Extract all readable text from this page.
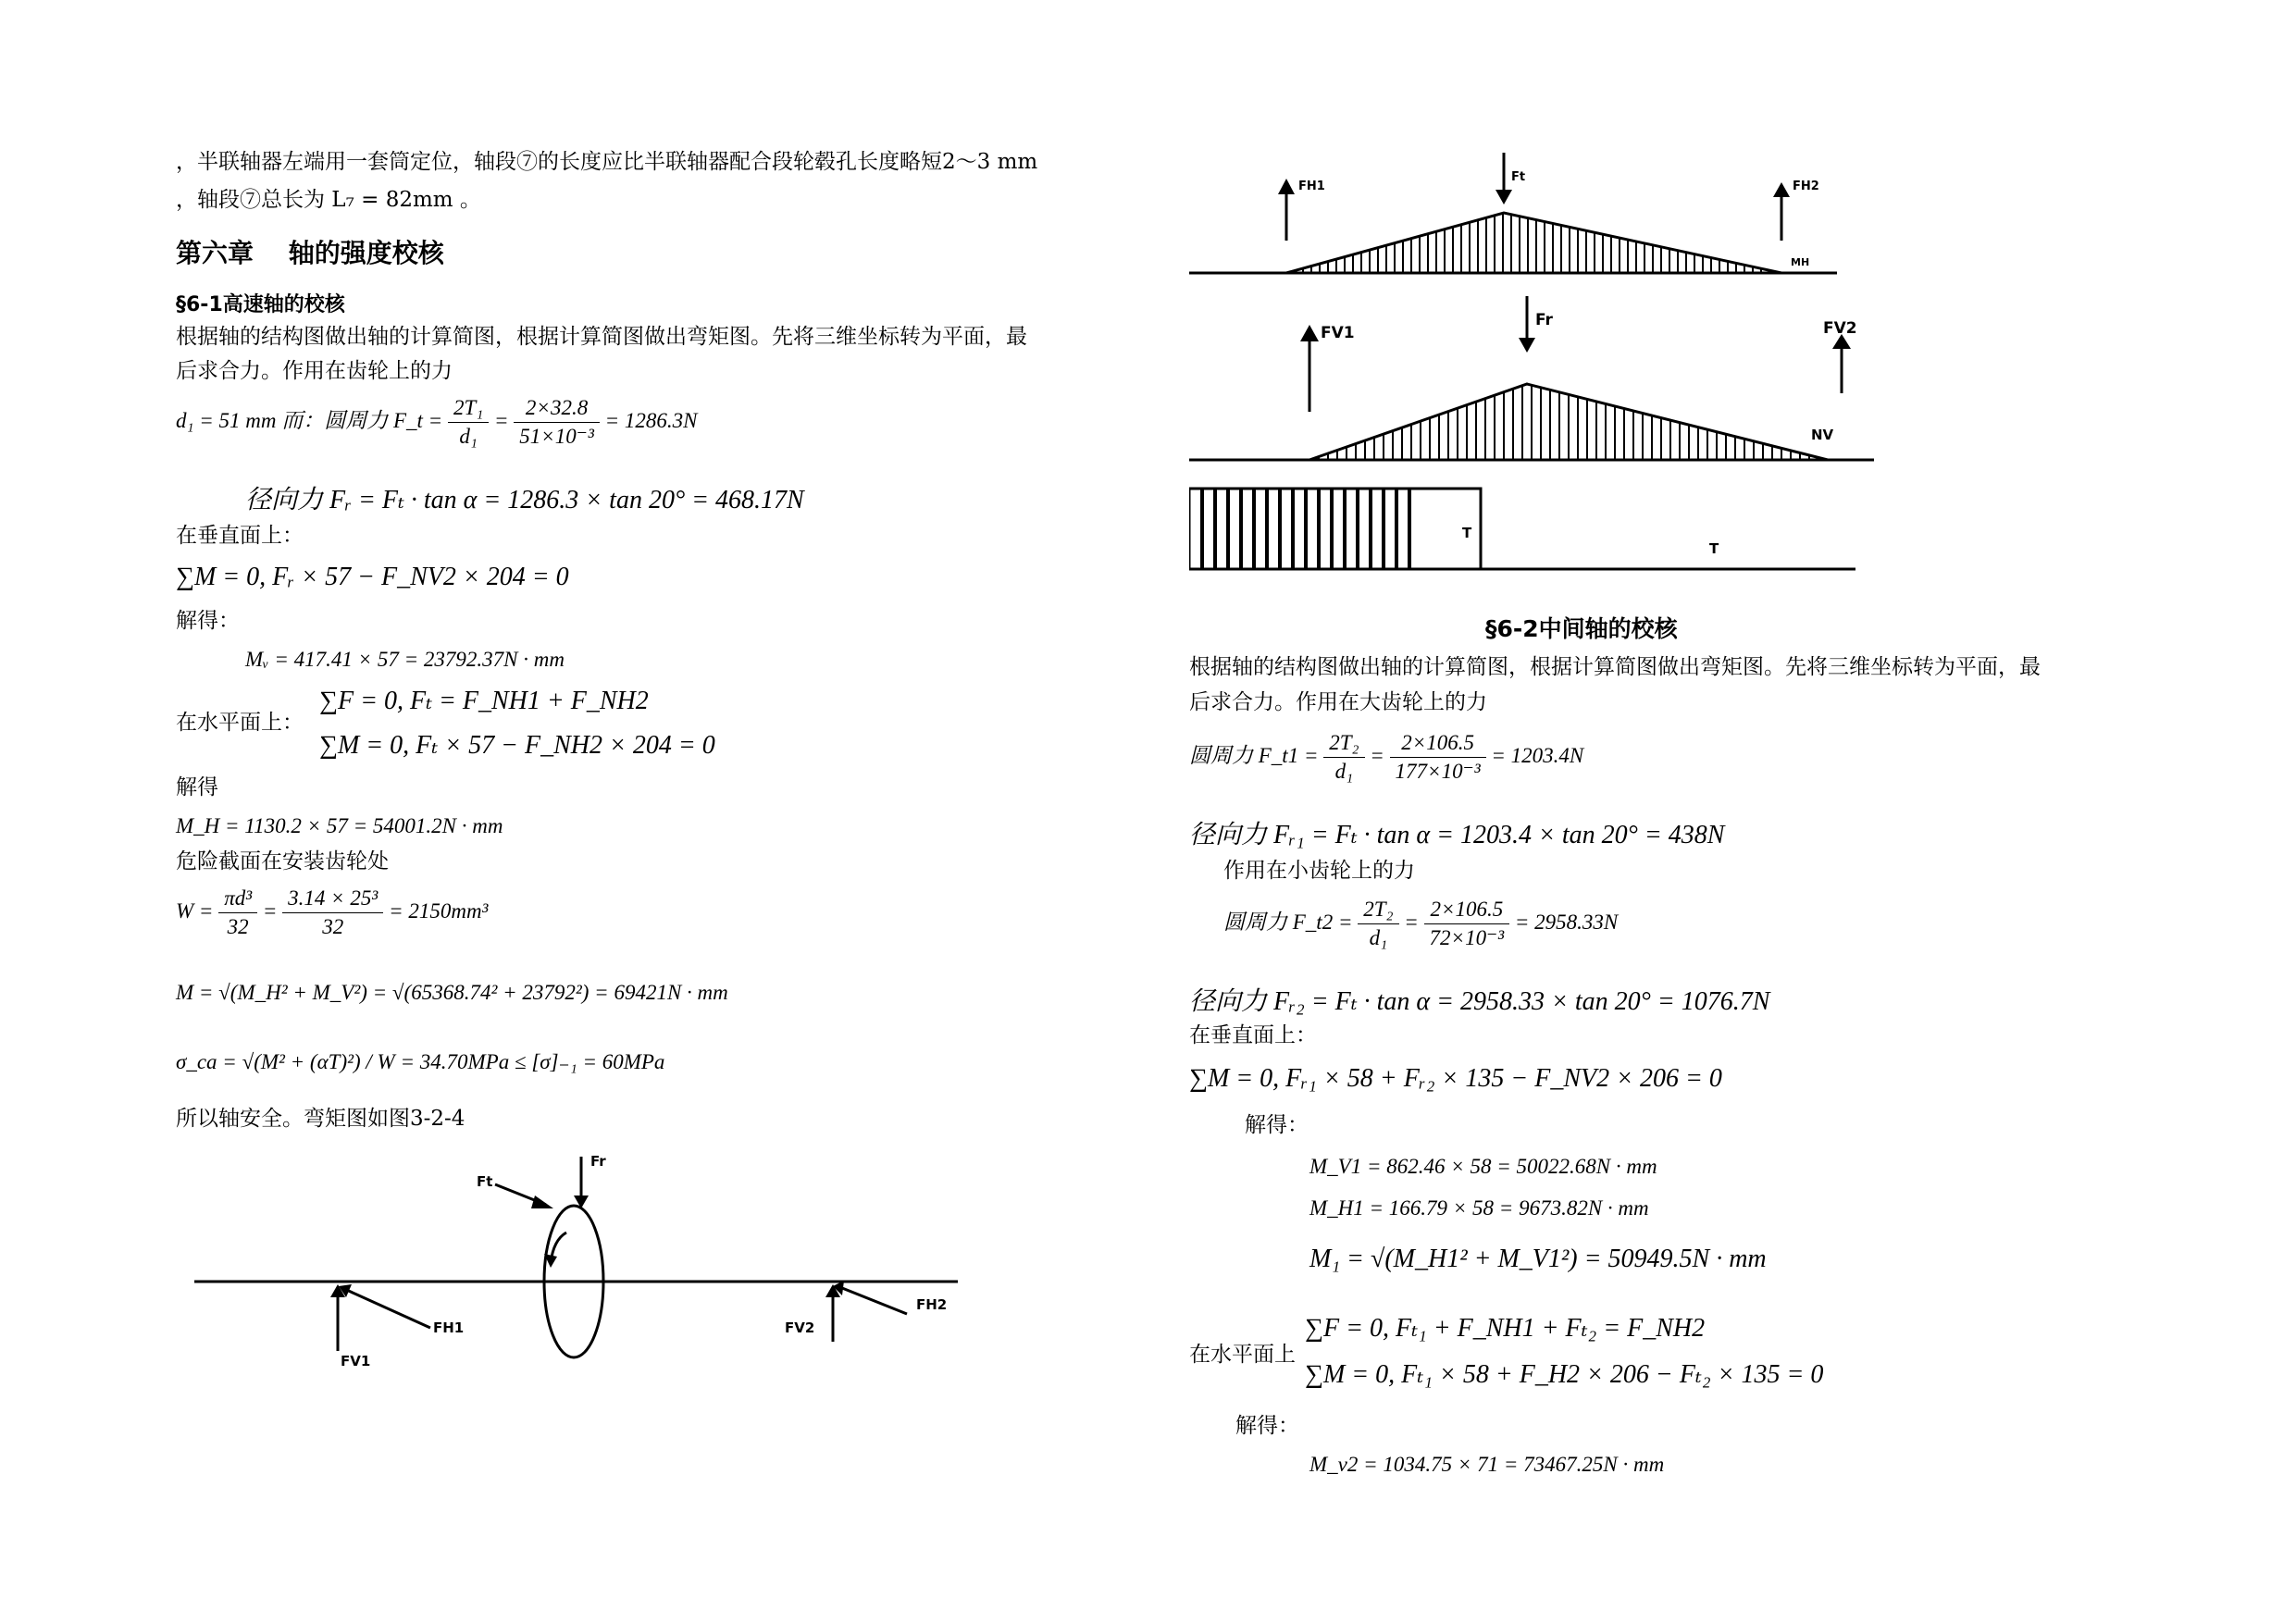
，半联轴器左端用一套筒定位，轴段⑦的长度应比半联轴器配合段轮毂孔长度略短2～3 mm
，轴段⑦总长为 L₇ = 82mm 。
第六章　 轴的强度校核
§6-1高速轴的校核
根据轴的结构图做出轴的计算简图，根据计算简图做出弯矩图。先将三维坐标转为平面，最
后求合力。作用在齿轮上的力
d₁ = 51 mm 而：圆周力 F_t = $\frac{\text{2T₁}}{\text{d₁}} = \frac{2\times 32.8}{\text{51×10⁻³}} = 1286.3N$
径向力 Fᵣ = Fₜ · tan α = 1286.3 × tan 20° = 468.17N
在垂直面上：
∑M = 0, Fᵣ × 57 − F_NV2 × 204 = 0
解得：
Mᵥ = 417.41 × 57 = 23792.37N · mm
在水平面上：
∑F = 0, Fₜ = F_NH1 + F_NH2
∑M = 0, Fₜ × 57 − F_NH2 × 204 = 0
解得
M_H = 1130.2 × 57 = 54001.2N · mm
危险截面在安装齿轮处
$W = \frac{\text{πd³}}{32} = \frac{\text{3.14 × 25³}}{32} = 2150mm^3$
M = √(M_H² + M_V²) = √(65368.74² + 23792²) = 69421N · mm
σ_ca = √(M² + (αT)²) / W = 34.70MPa ≤ [σ]₋₁ = 60MPa
所以轴安全。弯矩图如图3-2-4
Fr
Ft
FV1
FH1	FV2
FH2
FH1
Ft
FH2
MH
FV1
Fr	FV2
NV
T
T
§6-2中间轴的校核
根据轴的结构图做出轴的计算简图，根据计算简图做出弯矩图。先将三维坐标转为平面，最
后求合力。作用在大齿轮上的力
圆周力 F_t1 = $\frac{\text{2T₂}}{\text{d₁}} = \frac{2\times 106.5}{\text{177×10⁻³}} = 1203.4N$
径向力 Fᵣ₁ = Fₜ · tan α = 1203.4 × tan 20° = 438N
作用在小齿轮上的力
圆周力 F_t2 = $\frac{\text{2T₂}}{\text{d₁}} = \frac{2\times 106.5}{\text{72×10⁻³}} = 2958.33N$
径向力 Fᵣ₂ = Fₜ · tan α = 2958.33 × tan 20° = 1076.7N
在垂直面上：
∑M = 0, Fᵣ₁ × 58 + Fᵣ₂ × 135 − F_NV2 × 206 = 0
解得：
M_V1 = 862.46 × 58 = 50022.68N · mm
M_H1 = 166.79 × 58 = 9673.82N · mm
M₁ = √(M_H1² + M_V1²) = 50949.5N · mm
在水平面上
∑F = 0, Fₜ₁ + F_NH1 + Fₜ₂ = F_NH2
∑M = 0, Fₜ₁ × 58 + F_H2 × 206 − Fₜ₂ × 135 = 0
解得：
M_v2 = 1034.75 × 71 = 73467.25N · mm
